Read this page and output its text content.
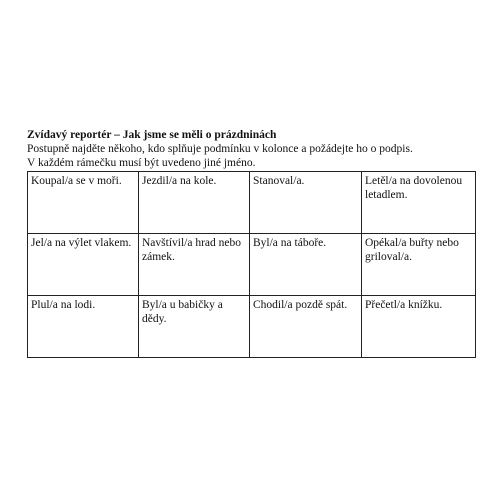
Zvídavý reportér – Jak jsme se měli o prázdninách

Postupně najděte někoho, kdo splňuje podmínku v koloncе a požádejte ho o podpis.

V každém rámečku musí být uvedeno jiné jméno.

Koupal/a se v moři.	Jezdil/a na kole.	Stanoval/a.	Letěl/a na dovolenou letadlem.
Jel/a na výlet vlakem.	Navštívil/a hrad nebo zámek.	Byl/a na táboře.	Opékal/a buřty nebo griloval/a.
Plul/a na lodi.	Byl/a u babičky a dědy.	Chodil/a pozdě spát.	Přečetl/a knížku.
